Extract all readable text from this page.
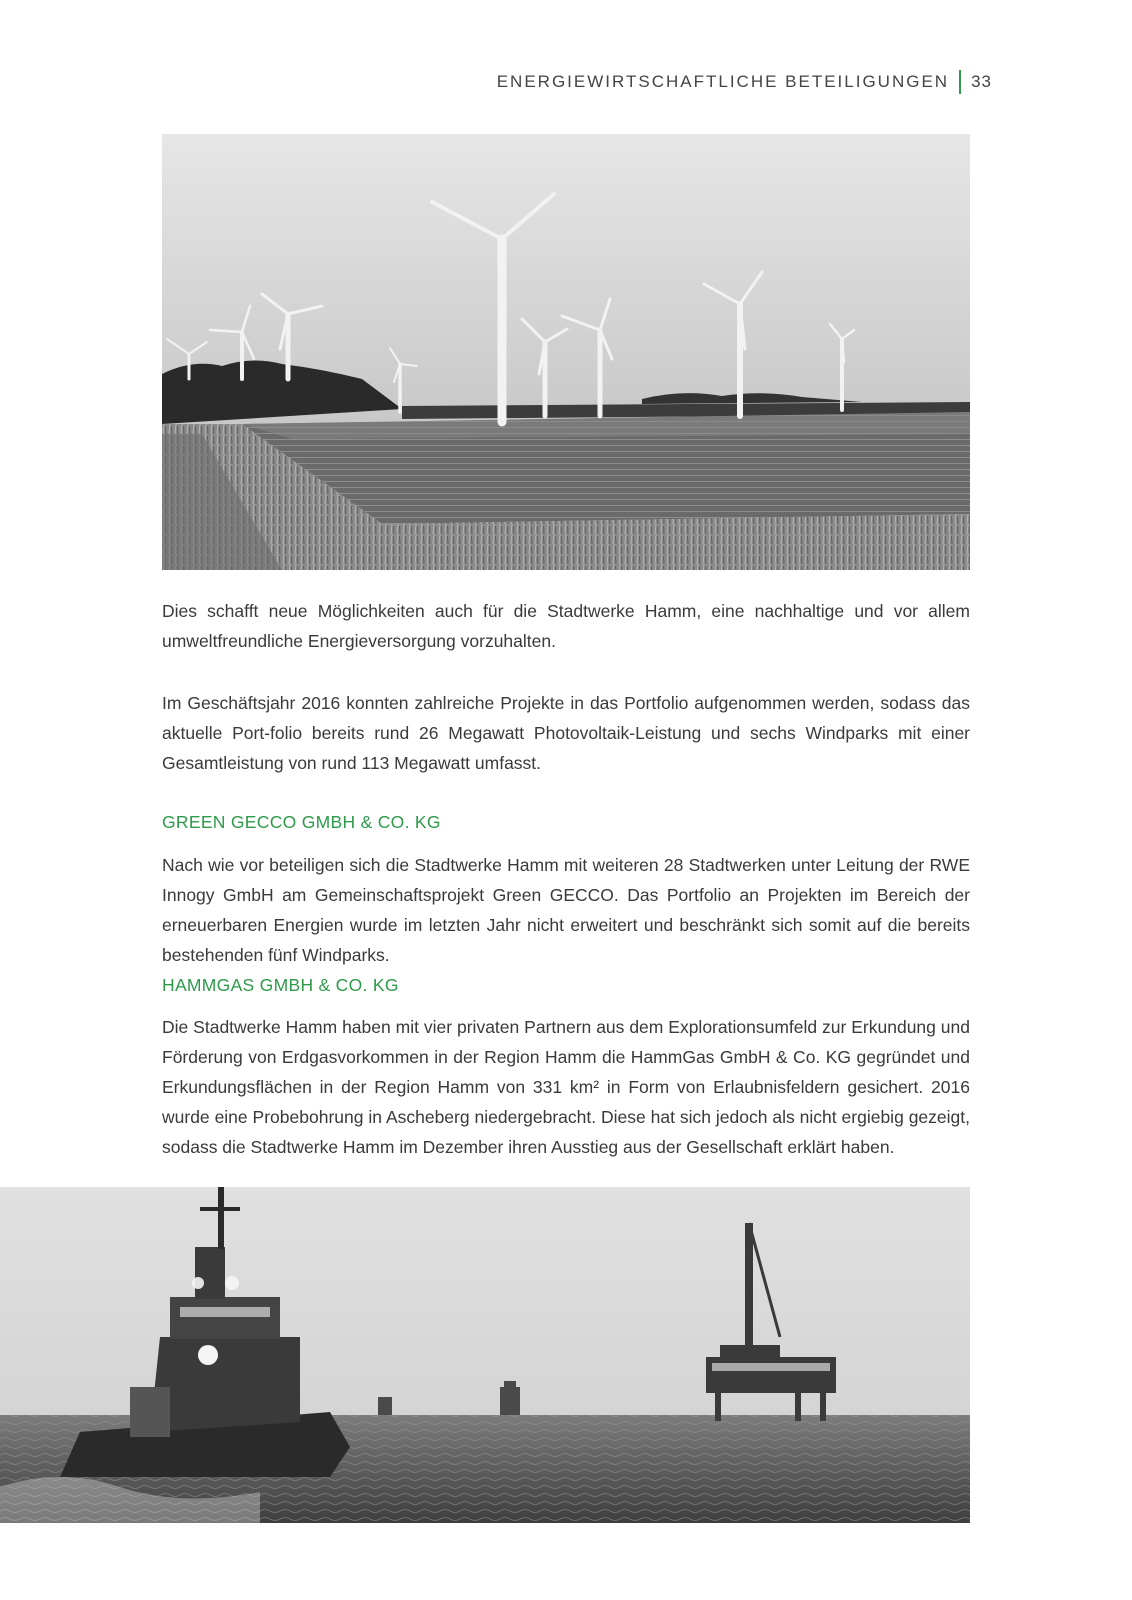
ENERGIEWIRTSCHAFTLICHE BETEILIGUNGEN 33

Dies schafft neue Möglichkeiten auch für die Stadtwerke Hamm, eine nachhaltige und vor allem umweltfreundliche Energieversorgung vorzuhalten.

Im Geschäftsjahr 2016 konnten zahlreiche Projekte in das Portfolio aufgenommen werden, sodass das aktuelle Port-folio bereits rund 26 Megawatt Photovoltaik-Leistung und sechs Windparks mit einer Gesamtleistung von rund 113 Megawatt umfasst.

GREEN GECCO GMBH & CO. KG

Nach wie vor beteiligen sich die Stadtwerke Hamm mit weiteren 28 Stadtwerken unter Leitung der RWE Innogy GmbH am Gemeinschaftsprojekt Green GECCO. Das Portfolio an Projekten im Bereich der erneuerbaren Energien wurde im letzten Jahr nicht erweitert und beschränkt sich somit auf die bereits bestehenden fünf Windparks.

HAMMGAS GMBH & CO. KG

Die Stadtwerke Hamm haben mit vier privaten Partnern aus dem Explorationsumfeld zur Erkundung und Förderung von Erdgasvorkommen in der Region Hamm die HammGas GmbH & Co. KG gegründet und Erkundungsflächen in der Region Hamm von 331 km² in Form von Erlaubnisfeldern gesichert. 2016 wurde eine Probebohrung in Ascheberg niedergebracht. Diese hat sich jedoch als nicht ergiebig gezeigt, sodass die Stadtwerke Hamm im Dezember ihren Ausstieg aus der Gesellschaft erklärt haben.
